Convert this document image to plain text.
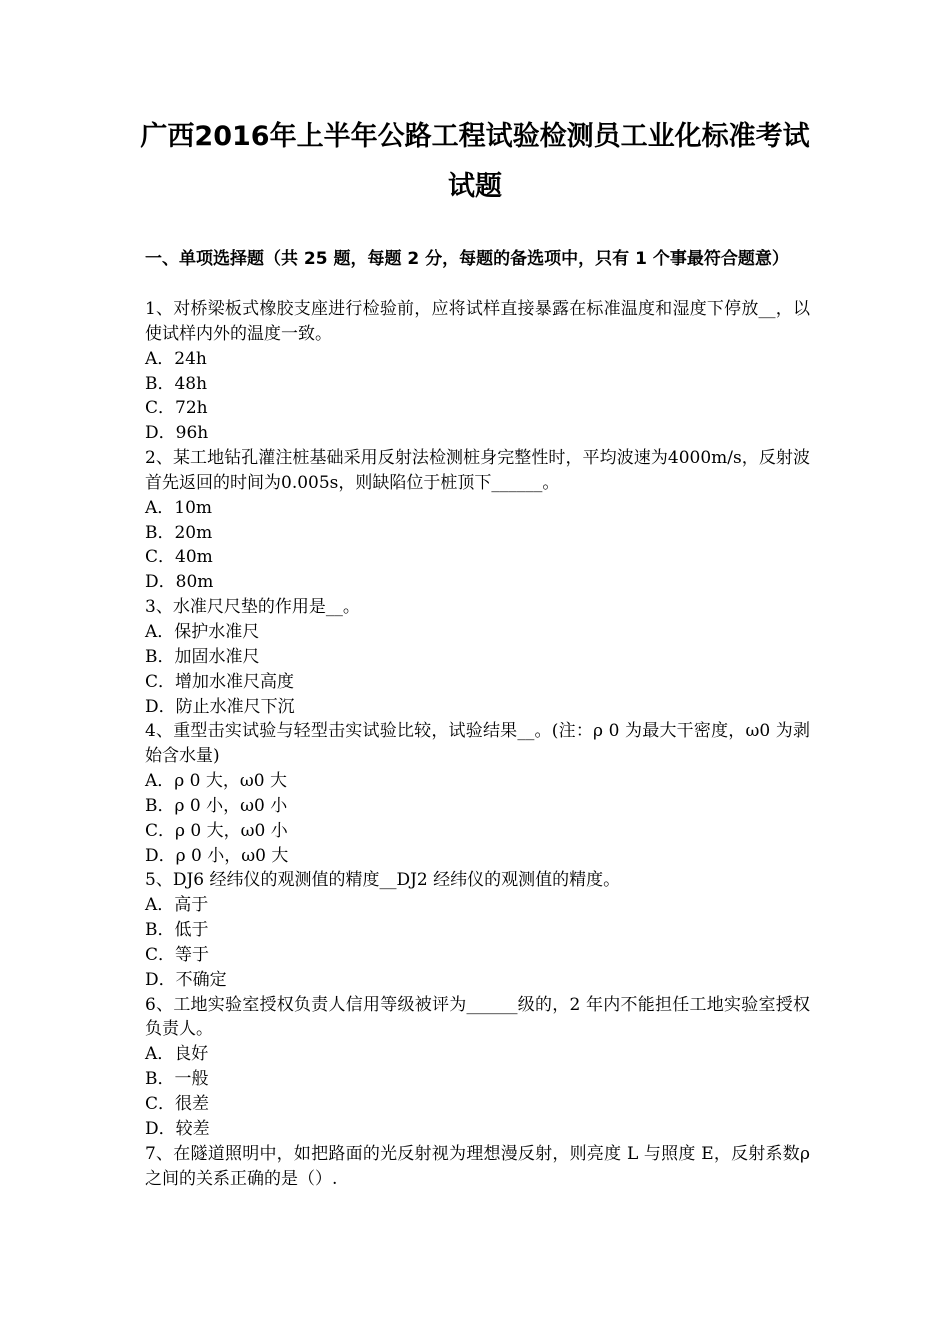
广西2016年上半年公路工程试验检测员工业化标准考试试题
一、单项选择题（共 25 题，每题 2 分，每题的备选项中，只有 1 个事最符合题意）

1、对桥梁板式橡胶支座进行检验前，应将试样直接暴露在标准温度和湿度下停放__，以使试样内外的温度一致。

A．24h

B．48h

C．72h

D．96h

2、某工地钻孔灌注桩基础采用反射法检测桩身完整性时，平均波速为4000m/s，反射波首先返回的时间为0.005s，则缺陷位于桩顶下______。

A．10m

B．20m

C．40m

D．80m

3、水准尺尺垫的作用是__。

A．保护水准尺

B．加固水准尺

C．增加水准尺高度

D．防止水准尺下沉

4、重型击实试验与轻型击实试验比较，试验结果__。(注：ρ 0 为最大干密度，ω0 为剥始含水量)

A．ρ 0 大，ω0 大

B．ρ 0 小，ω0 小

C．ρ 0 大，ω0 小

D．ρ 0 小，ω0 大

5、DJ6 经纬仪的观测值的精度__DJ2 经纬仪的观测值的精度。

A．高于

B．低于

C．等于

D．不确定

6、工地实验室授权负责人信用等级被评为______级的，2 年内不能担任工地实验室授权负责人。

A．良好

B．一般

C．很差

D．较差

7、在隧道照明中，如把路面的光反射视为理想漫反射，则亮度 L 与照度 E，反射系数ρ 之间的关系正确的是（）.
